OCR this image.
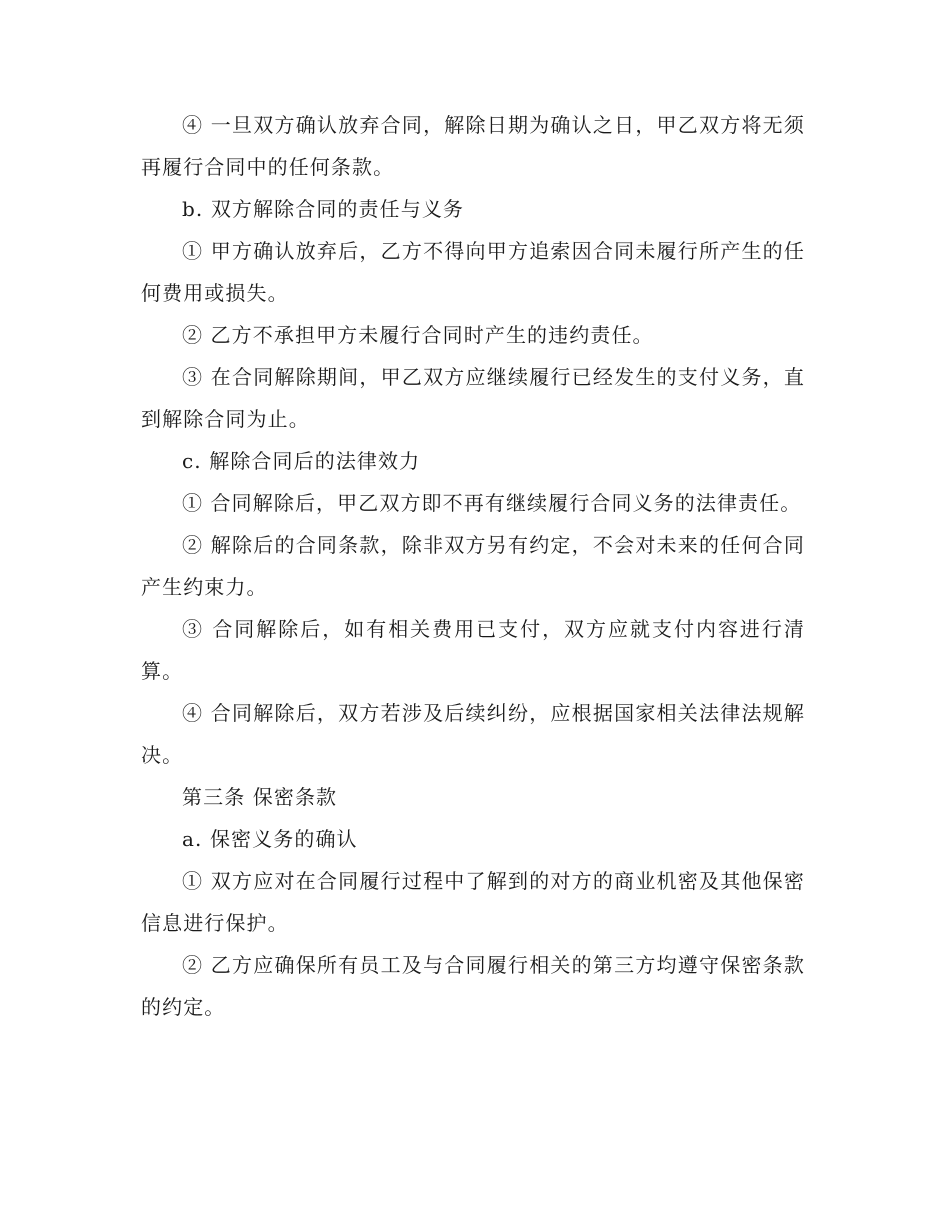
④ 一旦双方确认放弃合同，解除日期为确认之日，甲乙双方将无须再履行合同中的任何条款。

b. 双方解除合同的责任与义务

① 甲方确认放弃后，乙方不得向甲方追索因合同未履行所产生的任何费用或损失。

② 乙方不承担甲方未履行合同时产生的违约责任。

③ 在合同解除期间，甲乙双方应继续履行已经发生的支付义务，直到解除合同为止。

c. 解除合同后的法律效力

① 合同解除后，甲乙双方即不再有继续履行合同义务的法律责任。

② 解除后的合同条款，除非双方另有约定，不会对未来的任何合同产生约束力。

③ 合同解除后，如有相关费用已支付，双方应就支付内容进行清算。

④ 合同解除后，双方若涉及后续纠纷，应根据国家相关法律法规解决。

第三条 保密条款

a. 保密义务的确认

① 双方应对在合同履行过程中了解到的对方的商业机密及其他保密信息进行保护。

② 乙方应确保所有员工及与合同履行相关的第三方均遵守保密条款的约定。
